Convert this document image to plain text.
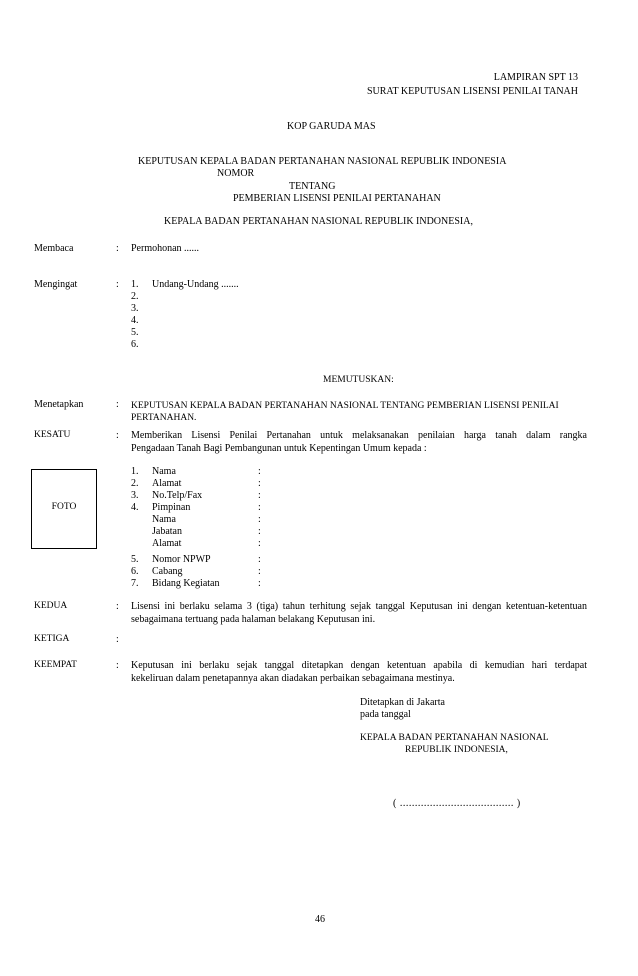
LAMPIRAN SPT 13
SURAT KEPUTUSAN LISENSI PENILAI TANAH
KOP GARUDA MAS
KEPUTUSAN KEPALA BADAN PERTANAHAN NASIONAL REPUBLIK INDONESIA
NOMOR
TENTANG
PEMBERIAN LISENSI PENILAI PERTANAHAN
KEPALA BADAN PERTANAHAN NASIONAL REPUBLIK INDONESIA,
Membaca	: Permohonan ......
Mengingat	: 1. Undang-Undang .......
2.
3.
4.
5.
6.
MEMUTUSKAN:
Menetapkan	: KEPUTUSAN KEPALA BADAN PERTANAHAN NASIONAL TENTANG PEMBERIAN LISENSI PENILAI
PERTANAHAN.
KESATU	: Memberikan Lisensi Penilai Pertanahan untuk melaksanakan penilaian harga tanah dalam rangka
Pengadaan Tanah Bagi Pembangunan untuk Kepentingan Umum kepada :
FOTO
1. Nama	:
2. Alamat	:
3. No.Telp/Fax	:
4. Pimpinan	:
Nama	:
Jabatan	:
Alamat	:
5. Nomor NPWP	:
6. Cabang	:
7. Bidang Kegiatan	:
KEDUA	: Lisensi ini berlaku selama 3 (tiga) tahun terhitung sejak tanggal Keputusan ini dengan ketentuan-ketentuan
sebagaimana tertuang pada halaman belakang Keputusan ini.
KETIGA	:
KEEMPAT	: Keputusan ini berlaku sejak tanggal ditetapkan dengan ketentuan apabila di kemudian hari terdapat
kekeliruan dalam penetapannya akan diadakan perbaikan sebagaimana mestinya.
Ditetapkan di Jakarta
pada tanggal
KEPALA BADAN PERTANAHAN NASIONAL
REPUBLIK INDONESIA,
( ...................................... )
46
